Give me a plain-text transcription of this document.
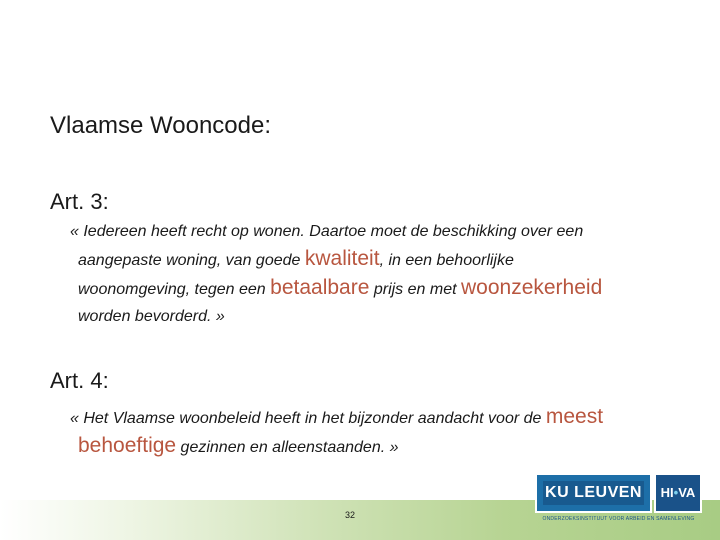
Vlaamse Wooncode:
Art. 3:
« Iedereen heeft recht op wonen. Daartoe moet de beschikking over een
aangepaste woning, van goede kwaliteit, in een behoorlijke
woonomgeving, tegen een betaalbare prijs en met woonzekerheid
worden bevorderd. »
Art. 4:
« Het Vlaamse woonbeleid heeft in het bijzonder aandacht voor de meest
behoeftige gezinnen en alleenstaanden. »
32
KU LEUVEN	HI•VA
ONDERZOEKSINSTITUUT VOOR ARBEID EN SAMENLEVING
